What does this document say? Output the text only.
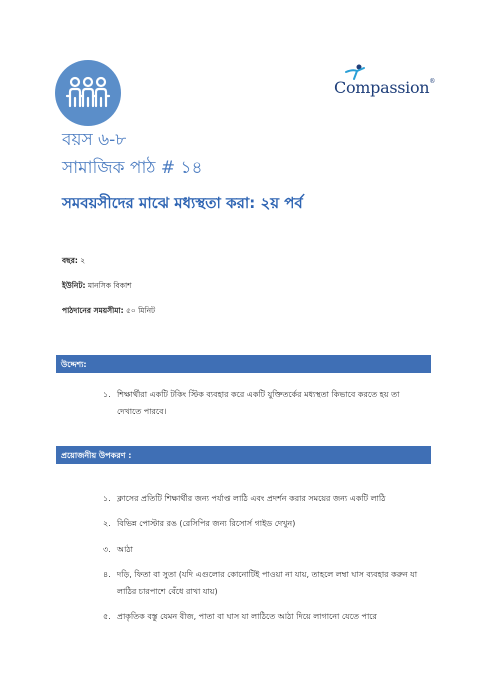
Compassion®
বয়স ৬-৮
সামাজিক পাঠ # ১৪
সমবয়সীদের মাঝে মধ্যস্থতা করা: ২য় পর্ব
বছর: ২
ইউনিট: মানসিক বিকাশ
পাঠদানের সময়সীমা: ৫০ মিনিট
উদ্দেশ্য:
১. শিক্ষার্থীরা একটি টকিং স্টিক ব্যবহার করে একটি যুক্তিতর্কের মধ্যস্থতা কিভাবে করতে হয় তা দেখাতে পারবে।
প্রয়োজনীয় উপকরণ :
১. ক্লাসের প্রতিটি শিক্ষার্থীর জন্য পর্যাপ্ত লাঠি এবং প্রদর্শন করার সময়ের জন্য একটি লাঠি
২. বিভিন্ন পোস্টার রঙ (রেসিপির জন্য রিসোর্স গাইড দেখুন)
৩. আঠা
৪. দড়ি, ফিতা বা সুতা (যদি এগুলোর কোনোটিই পাওয়া না যায়, তাহলে লম্বা ঘাস ব্যবহার করুন যা লাঠির চারপাশে বেঁধে রাখা যায়)
৫. প্রাকৃতিক বস্তু যেমন বীজ, পাতা বা ঘাস যা লাঠিতে আঠা দিয়ে লাগানো যেতে পারে
